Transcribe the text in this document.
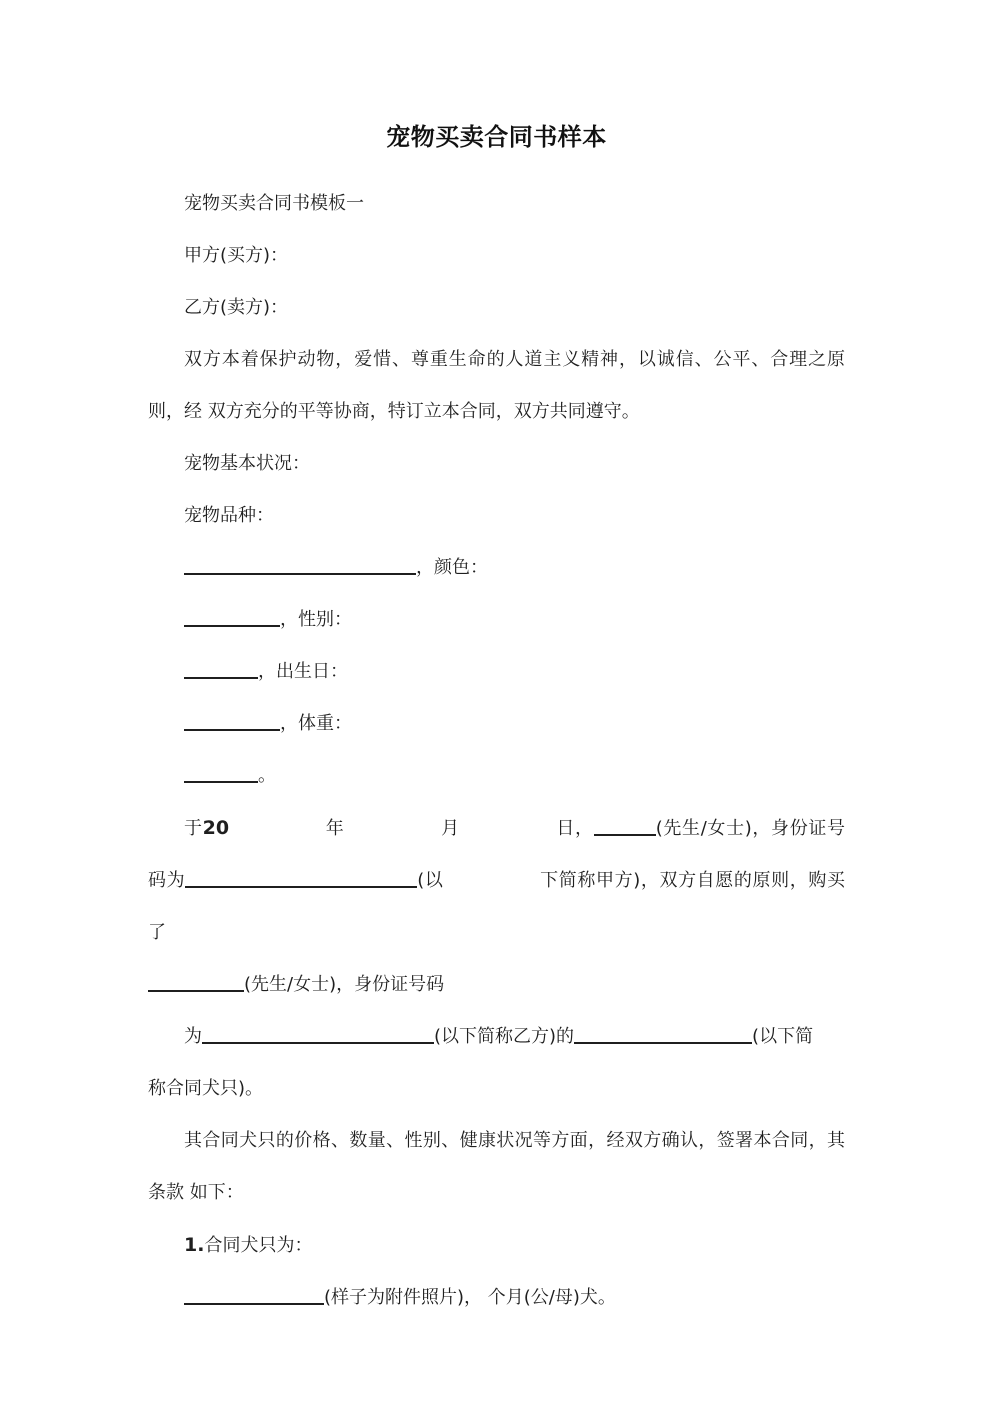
宠物买卖合同书样本

宠物买卖合同书模板一

甲方(买方)：

乙方(卖方)：

双方本着保护动物，爱惜、尊重生命的人道主义精神，以诚信、公平、合理之原则，经 双方充分的平等协商，特订立本合同，双方共同遵守。

宠物基本状况：

宠物品种：

，颜色：

，性别：

，出生日：

，体重：

。

于20	年	月	日，	(先生/女士)，身份证号码为	(以	下简称甲方)，双方自愿的原则，购买了

(先生/女士)，身份证号码

为	(以下简称乙方)的	(以下简

称合同犬只)。

其合同犬只的价格、数量、性别、健康状况等方面，经双方确认，签署本合同，其条款 如下：

1.合同犬只为：

(样子为附件照片)， 个月(公/母)犬。
